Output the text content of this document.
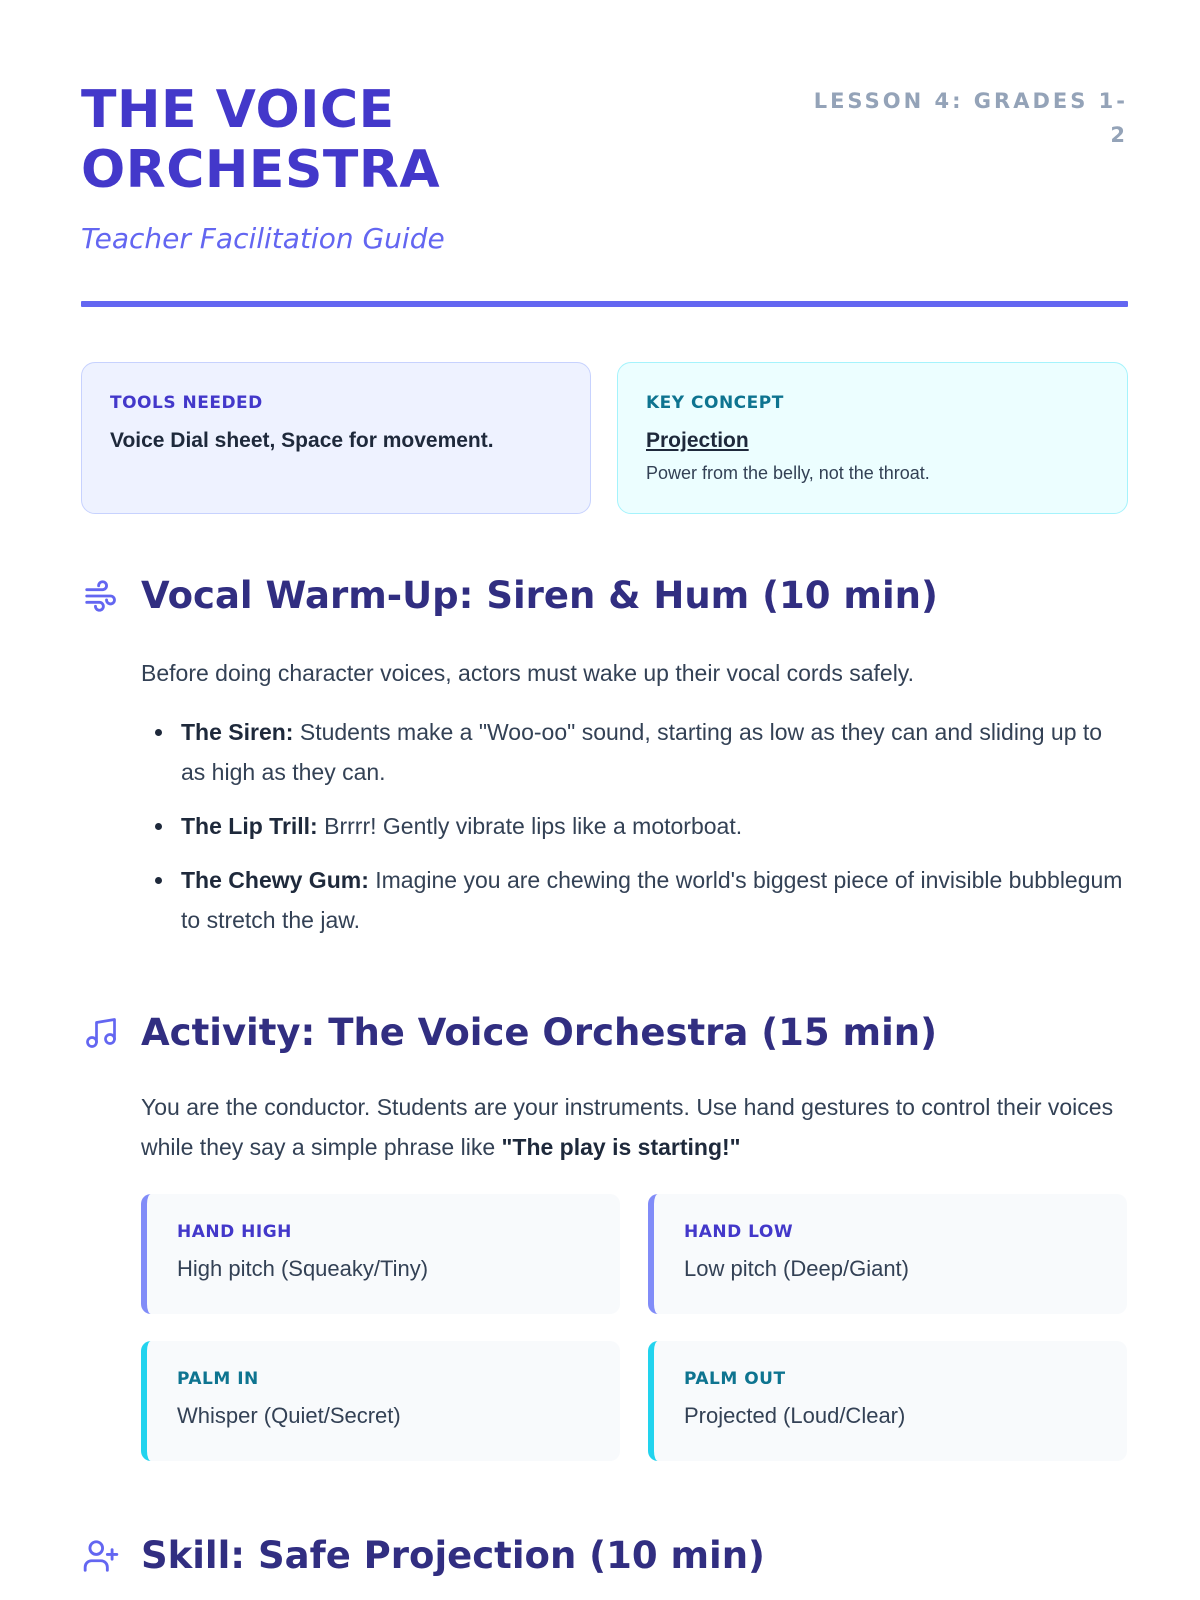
THE VOICE
ORCHESTRA
Teacher Facilitation Guide
LESSON 4: GRADES 1-2
TOOLS NEEDED
Voice Dial sheet, Space for movement.
KEY CONCEPT
Projection
Power from the belly, not the throat.
Vocal Warm-Up: Siren & Hum (10 min)

Before doing character voices, actors must wake up their vocal cords safely.

The Siren: Students make a "Woo-oo" sound, starting as low as they can and sliding up to as high as they can.
The Lip Trill: Brrrr! Gently vibrate lips like a motorboat.
The Chewy Gum: Imagine you are chewing the world's biggest piece of invisible bubblegum to stretch the jaw.
Activity: The Voice Orchestra (15 min)

You are the conductor. Students are your instruments. Use hand gestures to control their voices while they say a simple phrase like "The play is starting!"

HAND HIGH
High pitch (Squeaky/Tiny)
HAND LOW
Low pitch (Deep/Giant)
PALM IN
Whisper (Quiet/Secret)
PALM OUT
Projected (Loud/Clear)
Skill: Safe Projection (10 min)
